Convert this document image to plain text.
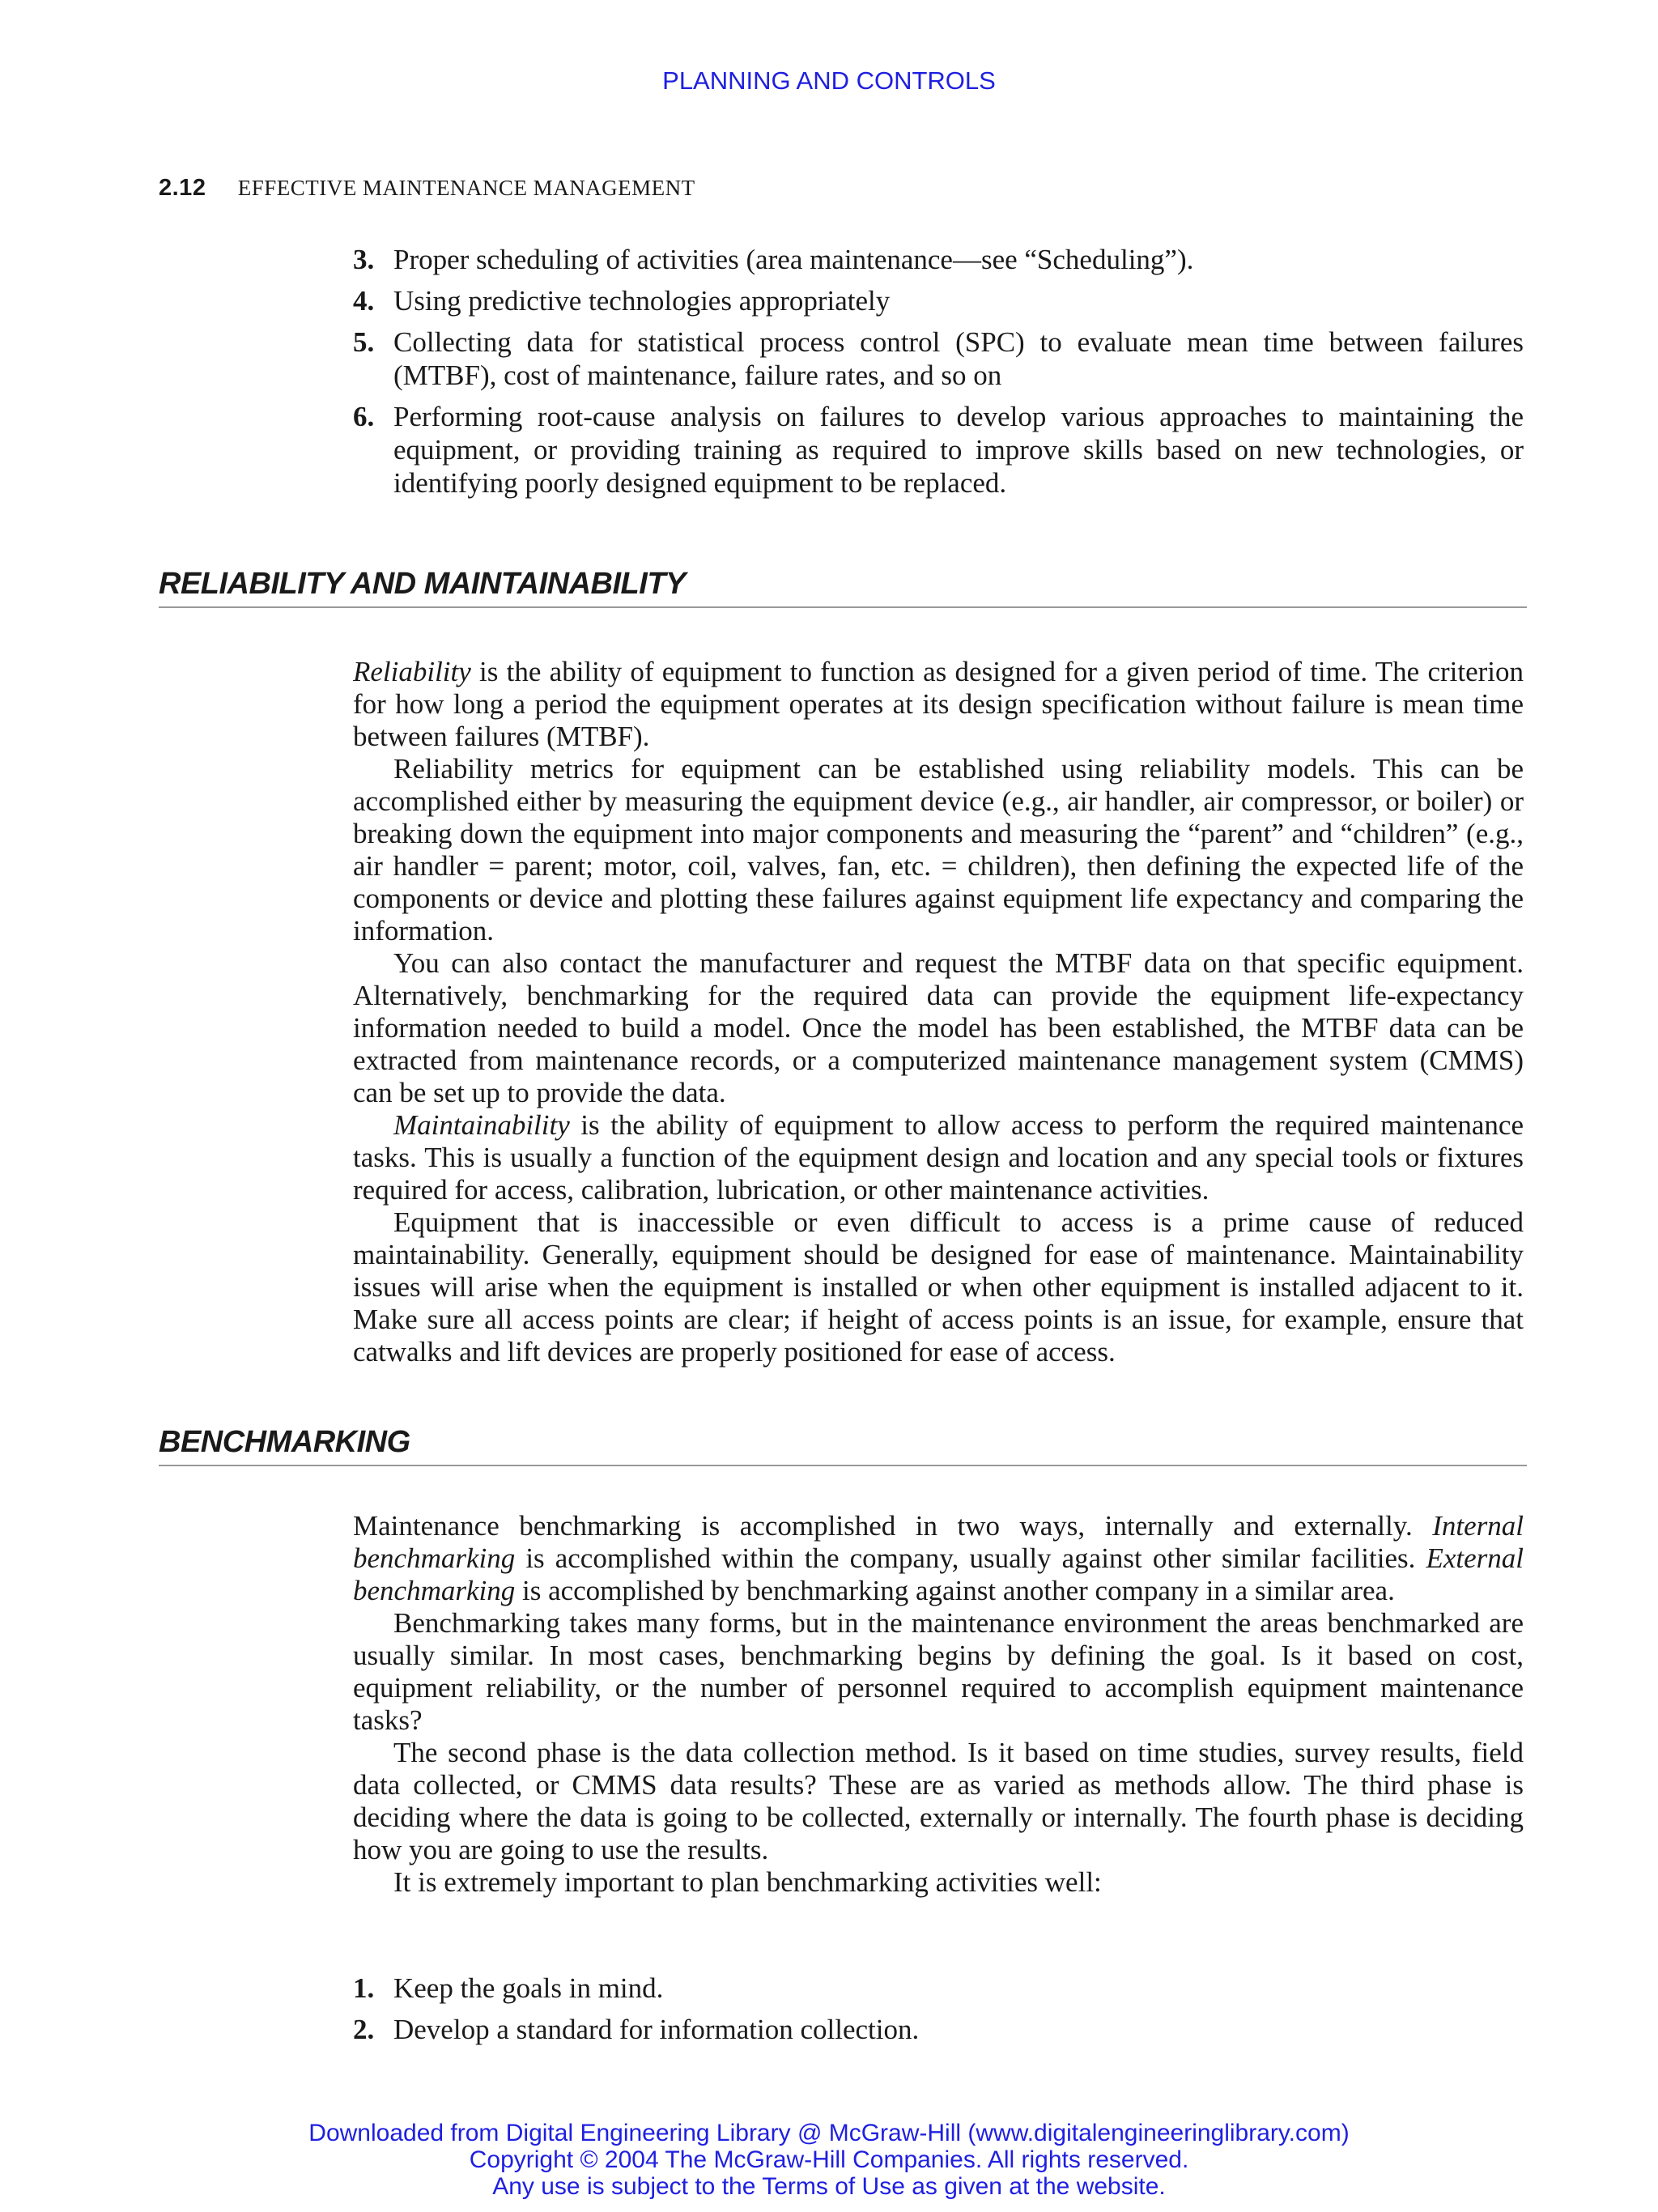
PLANNING AND CONTROLS
2.12 EFFECTIVE MAINTENANCE MANAGEMENT
3. Proper scheduling of activities (area maintenance—see “Scheduling”).
4. Using predictive technologies appropriately
5. Collecting data for statistical process control (SPC) to evaluate mean time between failures (MTBF), cost of maintenance, failure rates, and so on
6. Performing root-cause analysis on failures to develop various approaches to maintaining the equipment, or providing training as required to improve skills based on new technologies, or identifying poorly designed equipment to be replaced.
RELIABILITY AND MAINTAINABILITY

Reliability is the ability of equipment to function as designed for a given period of time. The criterion for how long a period the equipment operates at its design specification without failure is mean time between failures (MTBF).

Reliability metrics for equipment can be established using reliability models. This can be accomplished either by measuring the equipment device (e.g., air handler, air compressor, or boiler) or breaking down the equipment into major components and measuring the “parent” and “children” (e.g., air handler = parent; motor, coil, valves, fan, etc. = children), then defining the expected life of the components or device and plotting these failures against equipment life expectancy and comparing the information.

You can also contact the manufacturer and request the MTBF data on that specific equipment. Alternatively, benchmarking for the required data can provide the equipment life-expectancy information needed to build a model. Once the model has been established, the MTBF data can be extracted from maintenance records, or a computerized maintenance management system (CMMS) can be set up to provide the data.

Maintainability is the ability of equipment to allow access to perform the required maintenance tasks. This is usually a function of the equipment design and location and any special tools or fixtures required for access, calibration, lubrication, or other maintenance activities.

Equipment that is inaccessible or even difficult to access is a prime cause of reduced maintainability. Generally, equipment should be designed for ease of maintenance. Maintainability issues will arise when the equipment is installed or when other equipment is installed adjacent to it. Make sure all access points are clear; if height of access points is an issue, for example, ensure that catwalks and lift devices are properly positioned for ease of access.

BENCHMARKING

Maintenance benchmarking is accomplished in two ways, internally and externally. Internal benchmarking is accomplished within the company, usually against other similar facilities. External benchmarking is accomplished by benchmarking against another company in a similar area.

Benchmarking takes many forms, but in the maintenance environment the areas benchmarked are usually similar. In most cases, benchmarking begins by defining the goal. Is it based on cost, equipment reliability, or the number of personnel required to accomplish equipment maintenance tasks?

The second phase is the data collection method. Is it based on time studies, survey results, field data collected, or CMMS data results? These are as varied as methods allow. The third phase is deciding where the data is going to be collected, externally or internally. The fourth phase is deciding how you are going to use the results.

It is extremely important to plan benchmarking activities well:

1. Keep the goals in mind.
2. Develop a standard for information collection.
Downloaded from Digital Engineering Library @ McGraw-Hill (www.digitalengineeringlibrary.com)
Copyright © 2004 The McGraw-Hill Companies. All rights reserved.
Any use is subject to the Terms of Use as given at the website.
